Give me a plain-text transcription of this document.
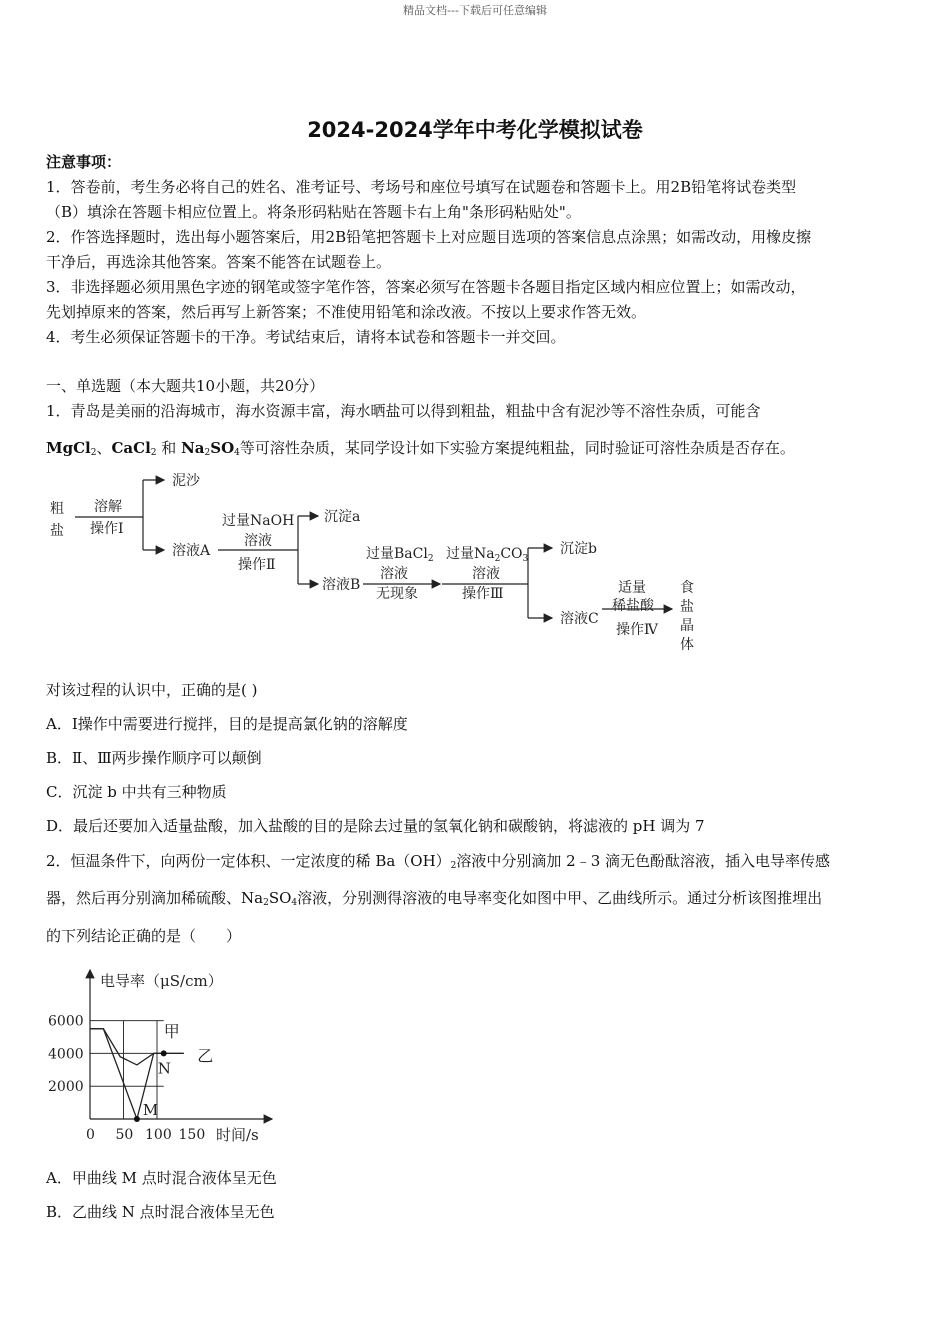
精品文档---下载后可任意编辑
2024-2024学年中考化学模拟试卷
注意事项：
1．答卷前，考生务必将自己的姓名、准考证号、考场号和座位号填写在试题卷和答题卡上。用2B铅笔将试卷类型
（B）填涂在答题卡相应位置上。将条形码粘贴在答题卡右上角"条形码粘贴处"。
2．作答选择题时，选出每小题答案后，用2B铅笔把答题卡上对应题目选项的答案信息点涂黑；如需改动，用橡皮擦
干净后，再选涂其他答案。答案不能答在试题卷上。
3．非选择题必须用黑色字迹的钢笔或签字笔作答，答案必须写在答题卡各题目指定区域内相应位置上；如需改动，
先划掉原来的答案，然后再写上新答案；不准使用铅笔和涂改液。不按以上要求作答无效。
4．考生必须保证答题卡的干净。考试结束后，请将本试卷和答题卡一并交回。
一、单选题（本大题共10小题，共20分）
1．青岛是美丽的沿海城市，海水资源丰富，海水晒盐可以得到粗盐，粗盐中含有泥沙等不溶性杂质，可能含
MgCl$_2$、CaCl$_2$ 和 $Na_2SO_4$等可溶性杂质，某同学设计如下实验方案提纯粗盐，同时验证可溶性杂质是否存在。
粗
盐
溶解
操作Ⅰ
泥沙
溶液A
过量NaOH
溶液
操作Ⅱ
沉淀a
溶液B
过量BaCl$_2$
溶液
无现象
过量$Na_2CO_3$
溶液
操作Ⅲ
沉淀b
溶液C
适量
稀盐酸
操作Ⅳ
食
盐
晶
体
对该过程的认识中，正确的是( )
A．Ⅰ操作中需要进行搅拌，目的是提高氯化钠的溶解度
B．Ⅱ、Ⅲ两步操作顺序可以颠倒
C．沉淀 b 中共有三种物质
D．最后还要加入适量盐酸，加入盐酸的目的是除去过量的氢氧化钠和碳酸钠，将滤液的 pH 调为 7
2．恒温条件下，向两份一定体积、一定浓度的稀 $Ba(OH)_2$溶液中分别滴加 2﹣3 滴无色酚酞溶液，插入电导率传感
器，然后再分别滴加稀硫酸、$Na_2SO_4$溶液，分别测得溶液的电导率变化如图中甲、乙曲线所示。通过分析该图推埋出
的下列结论正确的是（　　）
电导率（μS/cm）
时间/s
0 50 100 150
2000
4000
6000
甲
乙
M
N
A．甲曲线 M 点时混合液体呈无色
B．乙曲线 N 点时混合液体呈无色
